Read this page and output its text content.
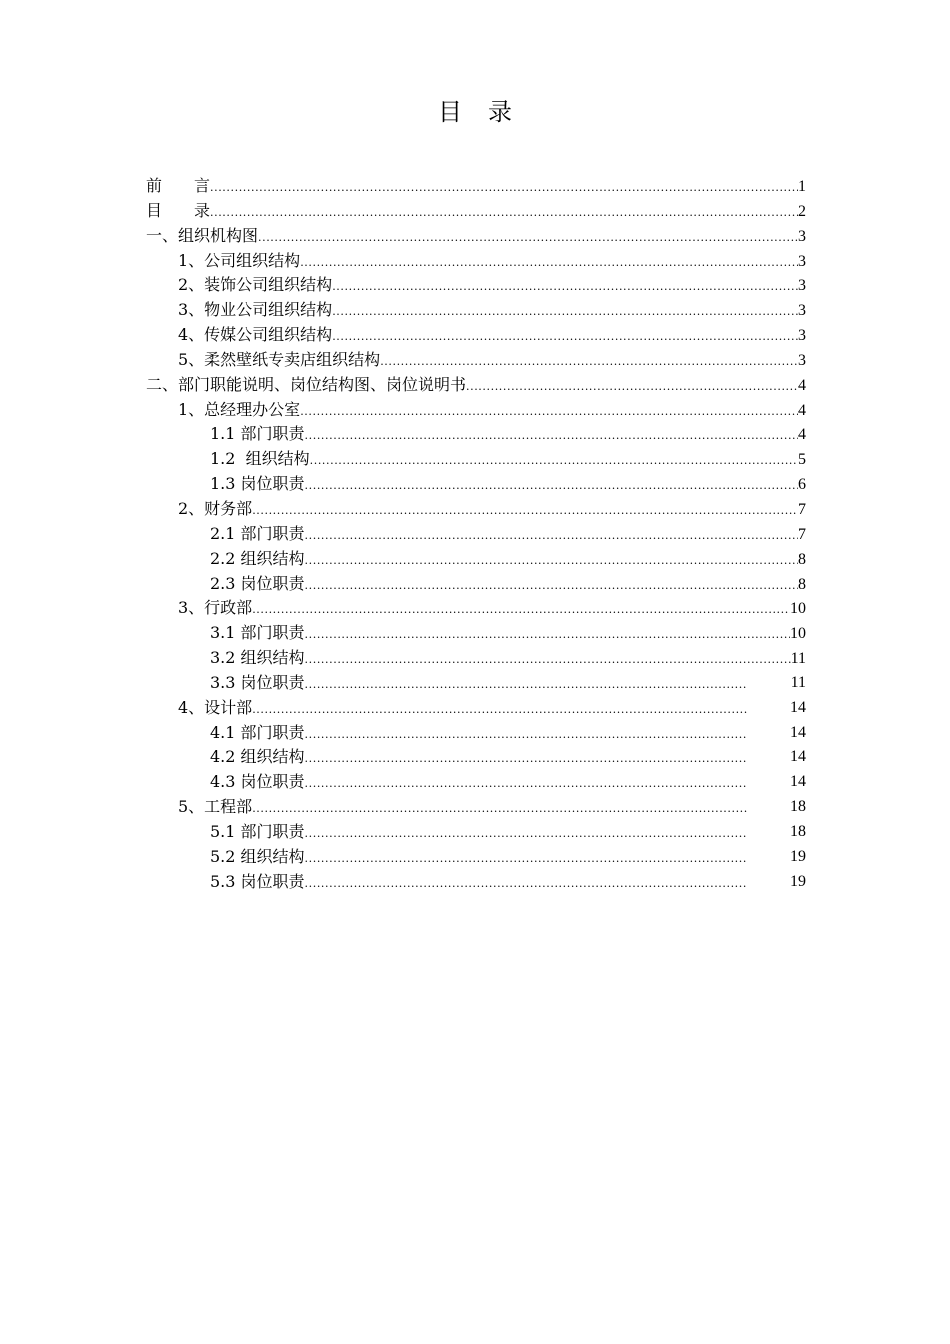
目 录
前　　言 .....	1
目　　录 .....	2
一、组织机构图 .....	3
1、公司组织结构 .....	3
2、装饰公司组织结构 .....	3
3、物业公司组织结构 .....	3
4、传媒公司组织结构 .....	3
5、柔然壁纸专卖店组织结构 .....	3
二、部门职能说明、岗位结构图、岗位说明书 .....	4
1、总经理办公室 .....	4
1.1 部门职责 .....	4
1.2  组织结构 .....	5
1.3 岗位职责 .....	6
2、财务部 .....	7
2.1 部门职责 .....	7
2.2 组织结构 .....	8
2.3 岗位职责 .....	8
3、行政部 .....	10
3.1 部门职责 .....	10
3.2 组织结构 .....	11
3.3 岗位职责 .....	11
4、设计部 .....	14
4.1 部门职责 .....	14
4.2 组织结构 .....	14
4.3 岗位职责 .....	14
5、工程部 .....	18
5.1 部门职责 .....	18
5.2 组织结构 .....	19
5.3 岗位职责 .....	19
